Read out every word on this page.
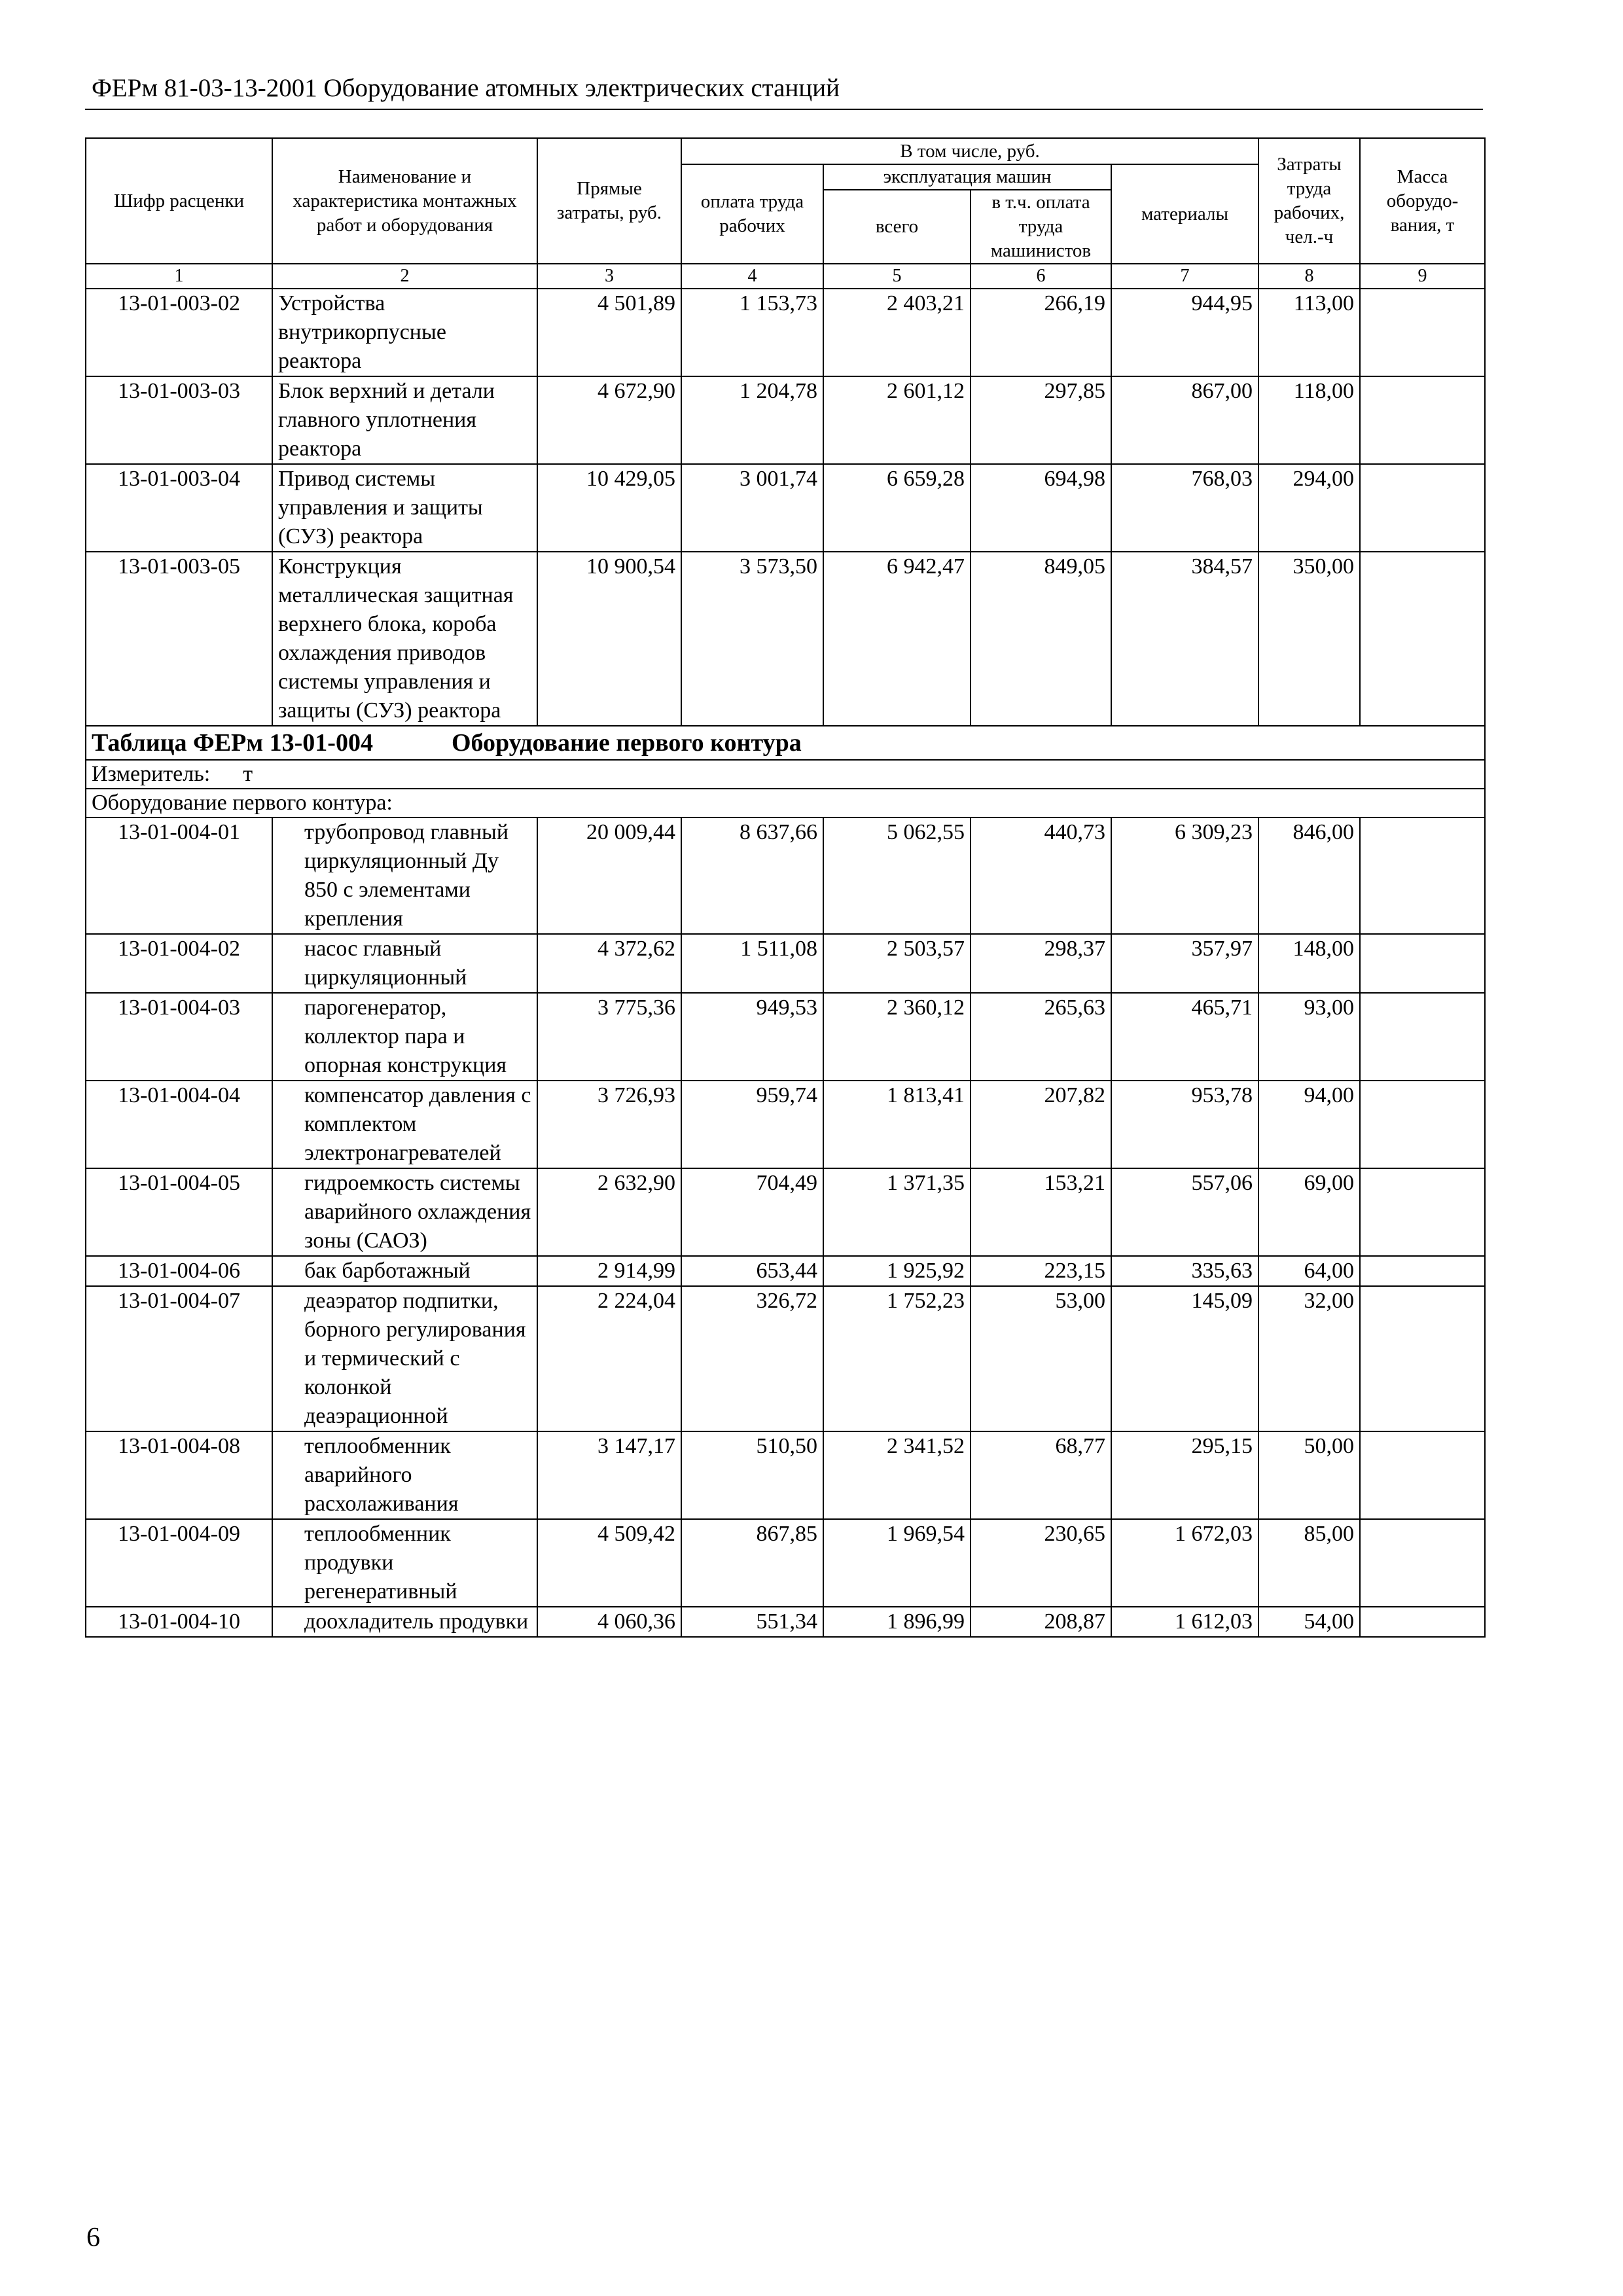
ФЕРм 81-03-13-2001 Оборудование атомных электрических станций
Шифр расценки	Наименование и характеристика монтажных работ и оборудования	Прямые затраты, руб.	В том числе, руб.				Затраты труда рабочих, чел.-ч	Масса оборудо-вания, т
			оплата труда рабочих	эксплуатация машин		материалы		
				всего	в т.ч. оплата труда машинистов			
1	2	3	4	5	6	7	8	9
13-01-003-02	Устройства внутрикорпусные реактора	4 501,89	1 153,73	2 403,21	266,19	944,95	113,00	
13-01-003-03	Блок верхний и детали главного уплотнения реактора	4 672,90	1 204,78	2 601,12	297,85	867,00	118,00	
13-01-003-04	Привод системы управления и защиты (СУЗ) реактора	10 429,05	3 001,74	6 659,28	694,98	768,03	294,00	
13-01-003-05	Конструкция металлическая защитная верхнего блока, короба охлаждения приводов системы управления и защиты (СУЗ) реактора	10 900,54	3 573,50	6 942,47	849,05	384,57	350,00	
Таблица ФЕРм 13-01-004 Оборудование первого контура								
Измеритель: т								
Оборудование первого контура:								
13-01-004-01	трубопровод главный циркуляционный Ду 850 с элементами крепления	20 009,44	8 637,66	5 062,55	440,73	6 309,23	846,00	
13-01-004-02	насос главный циркуляционный	4 372,62	1 511,08	2 503,57	298,37	357,97	148,00	
13-01-004-03	парогенератор, коллектор пара и опорная конструкция	3 775,36	949,53	2 360,12	265,63	465,71	93,00	
13-01-004-04	компенсатор давления с комплектом электронагревателей	3 726,93	959,74	1 813,41	207,82	953,78	94,00	
13-01-004-05	гидроемкость системы аварийного охлаждения зоны (САОЗ)	2 632,90	704,49	1 371,35	153,21	557,06	69,00	
13-01-004-06	бак барботажный	2 914,99	653,44	1 925,92	223,15	335,63	64,00	
13-01-004-07	деаэратор подпитки, борного регулирования и термический с колонкой деаэрационной	2 224,04	326,72	1 752,23	53,00	145,09	32,00	
13-01-004-08	теплообменник аварийного расхолаживания	3 147,17	510,50	2 341,52	68,77	295,15	50,00	
13-01-004-09	теплообменник продувки регенеративный	4 509,42	867,85	1 969,54	230,65	1 672,03	85,00	
13-01-004-10	доохладитель продувки	4 060,36	551,34	1 896,99	208,87	1 612,03	54,00	
6
